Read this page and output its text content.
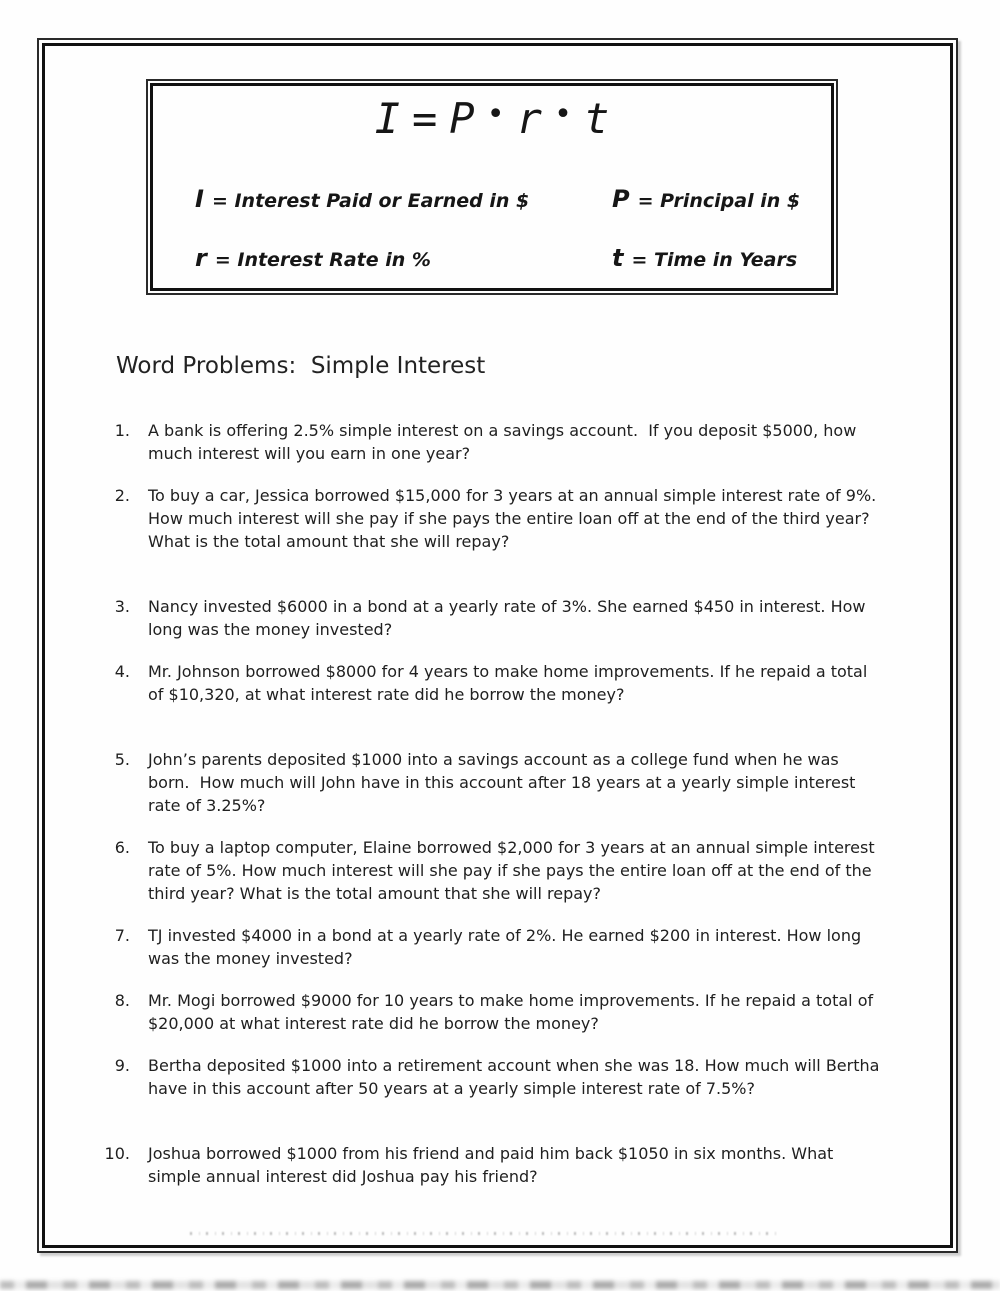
I = P • r • t
I = Interest Paid or Earned in $	P = Principal in $
r = Interest Rate in %	t = Time in Years
Word Problems:  Simple Interest
1. A bank is offering 2.5% simple interest on a savings account.  If you deposit $5000, how much interest will you earn in one year?
2. To buy a car, Jessica borrowed $15,000 for 3 years at an annual simple interest rate of 9%.  How much interest will she pay if she pays the entire loan off at the end of the third year?  What is the total amount that she will repay?
3. Nancy invested $6000 in a bond at a yearly rate of 3%. She earned $450 in interest. How long was the money invested?
4. Mr. Johnson borrowed $8000 for 4 years to make home improvements. If he repaid a total of $10,320, at what interest rate did he borrow the money?
5. John’s parents deposited $1000 into a savings account as a college fund when he was born.  How much will John have in this account after 18 years at a yearly simple interest rate of 3.25%?
6. To buy a laptop computer, Elaine borrowed $2,000 for 3 years at an annual simple interest rate of 5%. How much interest will she pay if she pays the entire loan off at the end of the third year? What is the total amount that she will repay?
7. TJ invested $4000 in a bond at a yearly rate of 2%. He earned $200 in interest. How long was the money invested?
8. Mr. Mogi borrowed $9000 for 10 years to make home improvements. If he repaid a total of $20,000 at what interest rate did he borrow the money?
9. Bertha deposited $1000 into a retirement account when she was 18. How much will Bertha have in this account after 50 years at a yearly simple interest rate of 7.5%?
10. Joshua borrowed $1000 from his friend and paid him back $1050 in six months. What simple annual interest did Joshua pay his friend?
